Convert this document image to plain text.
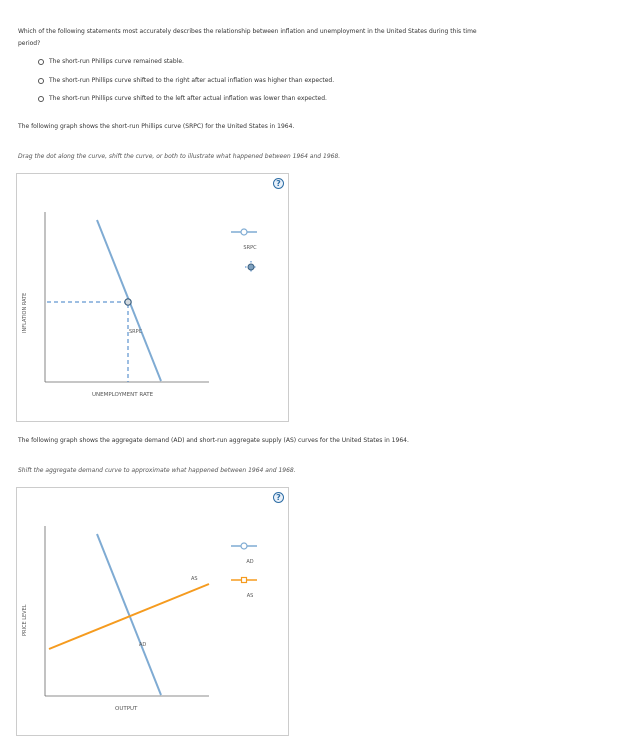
Which of the following statements most accurately describes the relationship between inflation and unemployment in the United States during this time period?
The short-run Phillips curve remained stable.
The short-run Phillips curve shifted to the right after actual inflation was higher than expected.
The short-run Phillips curve shifted to the left after actual inflation was lower than expected.
The following graph shows the short-run Phillips curve (SRPC) for the United States in 1964.
Drag the dot along the curve, shift the curve, or both to illustrate what happened between 1964 and 1968.
?
SRPC
SRPC
UNEMPLOYMENT RATE
INFLATION RATE
The following graph shows the aggregate demand (AD) and short-run aggregate supply (AS) curves for the United States in 1964.
Shift the aggregate demand curve to approximate what happened between 1964 and 1968.
?
AD
AS
AS
AD
OUTPUT
PRICE LEVEL
